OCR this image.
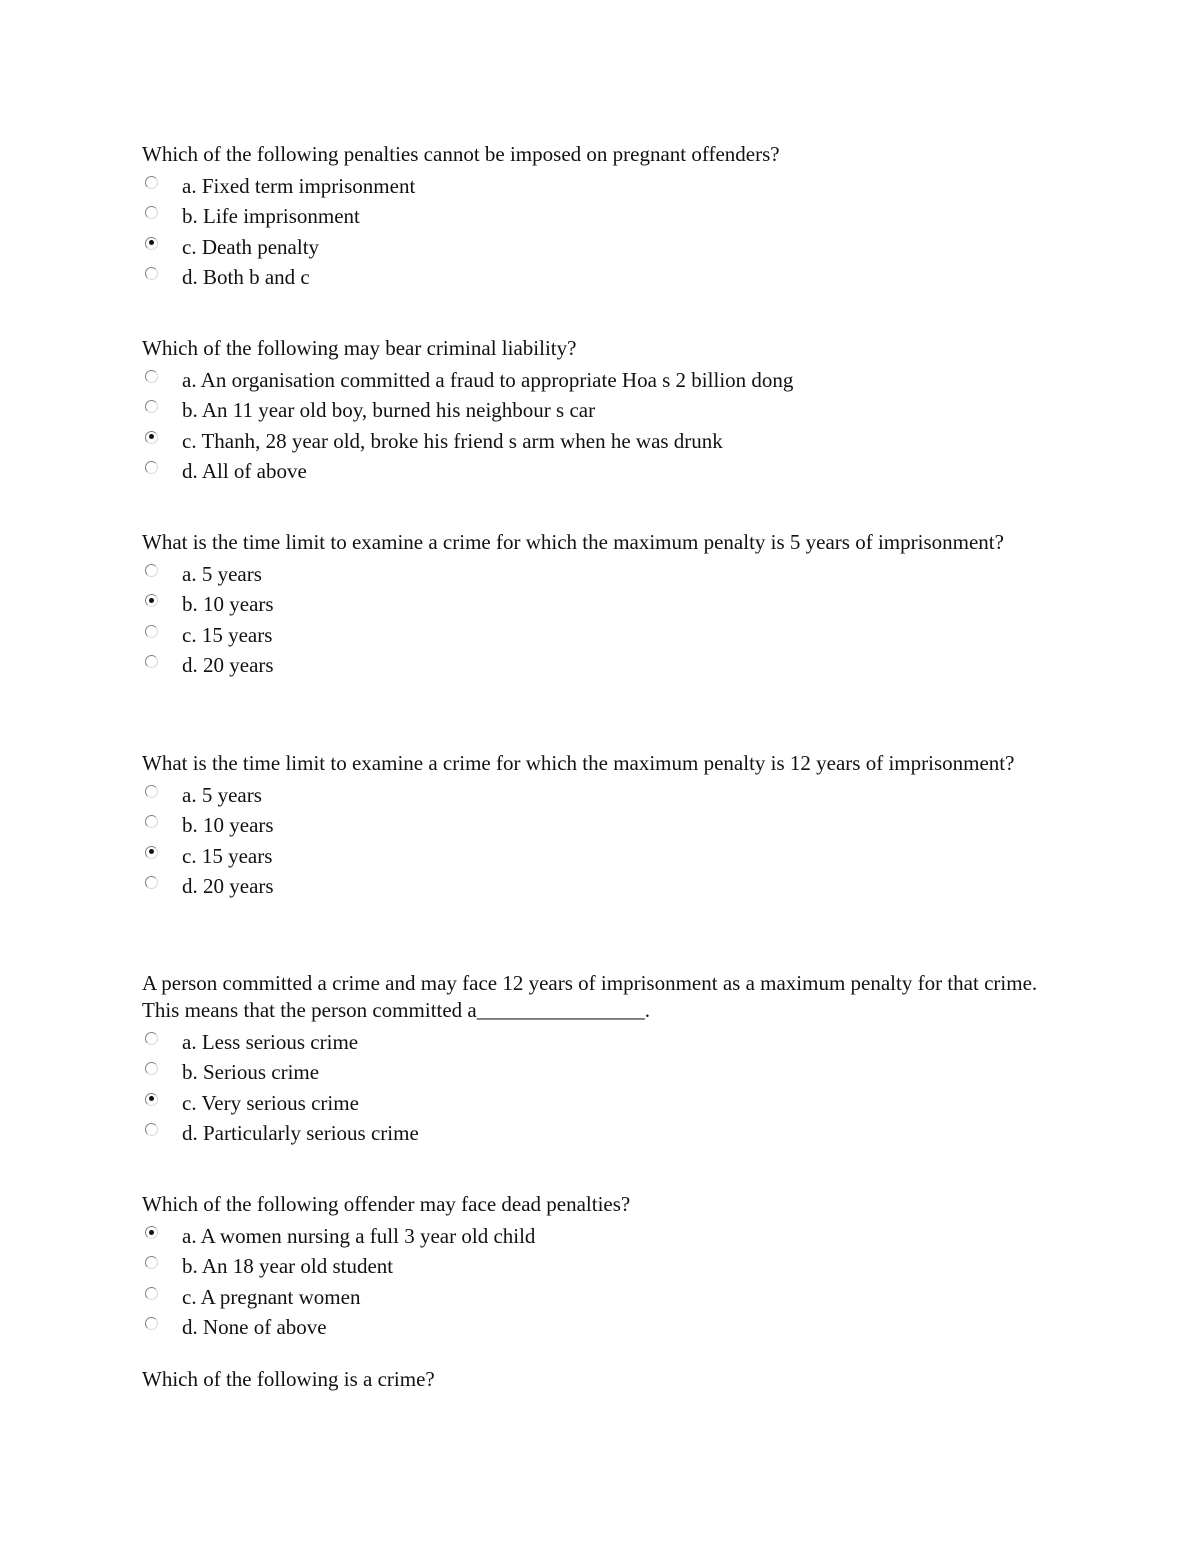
Which of the following penalties cannot be imposed on pregnant offenders?

a. Fixed term imprisonment
b. Life imprisonment
c. Death penalty
d. Both b and c

Which of the following may bear criminal liability?

a. An organisation committed a fraud to appropriate Hoa s 2 billion dong
b. An 11 year old boy, burned his neighbour s car
c. Thanh, 28 year old, broke his friend s arm when he was drunk
d. All of above

What is the time limit to examine a crime for which the maximum penalty is 5 years of imprisonment?

a. 5 years
b. 10 years
c. 15 years
d. 20 years

What is the time limit to examine a crime for which the maximum penalty is 12 years of imprisonment?

a. 5 years
b. 10 years
c. 15 years
d. 20 years

A person committed a crime and may face 12 years of imprisonment as a maximum penalty for that crime. This means that the person committed a________________.

a. Less serious crime
b. Serious crime
c. Very serious crime
d. Particularly serious crime

Which of the following offender may face dead penalties?

a. A women nursing a full 3 year old child
b. An 18 year old student
c. A pregnant women
d. None of above

Which of the following is a crime?
